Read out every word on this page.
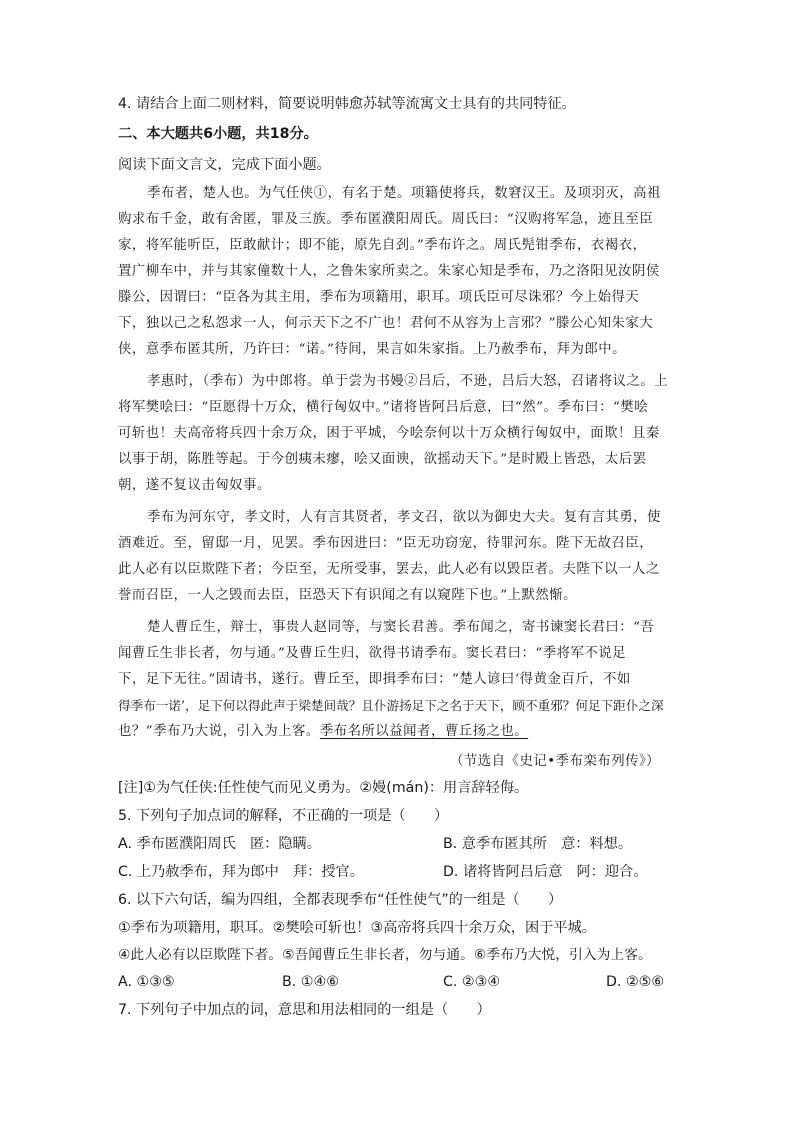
4. 请结合上面二则材料，简要说明韩愈苏轼等流寓文士具有的共同特征。
二、本大题共6小题，共18分。
阅读下面文言文，完成下面小题。
季布者，楚人也。为气任侠①，有名于楚。项籍使将兵，数窘汉王。及项羽灭，高祖
购求布千金，敢有舍匿，罪及三族。季布匿濮阳周氏。周氏曰：“汉购将军急，迹且至臣
家，将军能听臣，臣敢献计；即不能，原先自刭。”季布许之。周氏髡钳季布，衣褐衣，
置广柳车中，并与其家僮数十人，之鲁朱家所卖之。朱家心知是季布，乃之洛阳见汝阴侯
滕公，因谓曰：“臣各为其主用，季布为项籍用，职耳。项氏臣可尽诛邪？今上始得天
下，独以己之私怨求一人，何示天下之不广也！君何不从容为上言邪？”滕公心知朱家大
侠，意季布匿其所，乃许曰：“诺。”待间，果言如朱家指。上乃赦季布，拜为郎中。
孝惠时，（季布）为中郎将。单于尝为书嫚②吕后，不逊，吕后大怒，召诸将议之。上
将军樊哙曰：“臣愿得十万众，横行匈奴中。”诸将皆阿吕后意，曰“然”。季布曰：“樊哙
可斩也！夫高帝将兵四十余万众，困于平城，今哙奈何以十万众横行匈奴中，面欺！且秦
以事于胡，陈胜等起。于今创痍未瘳，哙又面谀，欲摇动天下。”是时殿上皆恐，太后罢
朝，遂不复议击匈奴事。
季布为河东守，孝文时，人有言其贤者，孝文召，欲以为御史大夫。复有言其勇，使
酒难近。至，留邸一月，见罢。季布因进曰：“臣无功窃宠，待罪河东。陛下无故召臣，
此人必有以臣欺陛下者；今臣至，无所受事，罢去，此人必有以毁臣者。夫陛下以一人之
誉而召臣，一人之毁而去臣，臣恐天下有识闻之有以窥陛下也。”上默然惭。
楚人曹丘生，辩士，事贵人赵同等，与窦长君善。季布闻之，寄书谏窦长君曰：“吾
闻曹丘生非长者，勿与通。”及曹丘生归，欲得书请季布。窦长君曰：“季将军不说足
下，足下无往。”固请书，遂行。曹丘至，即揖季布曰：“楚人谚曰‘得黄金百斤，不如
得季布一诺’，足下何以得此声于梁楚间哉？且仆游扬足下之名于天下，顾不重邪？何足下距仆之深
也？”季布乃大说，引入为上客。季布名所以益闻者，曹丘扬之也。
（节选自《史记•季布栾布列传》）
[注]①为气任侠:任性使气而见义勇为。②嫚(mán)：用言辞轻侮。
5. 下列句子加点词的解释，不正确的一项是（　　）
A. 季布匿濮阳周氏　匿：隐瞒。	B. 意季布匿其所　意：料想。
C. 上乃赦季布，拜为郎中　拜：授官。	D. 诸将皆阿吕后意　阿：迎合。
6. 以下六句话，编为四组，全都表现季布“任性使气”的一组是（　　）
①季布为项籍用，职耳。②樊哙可斩也！③高帝将兵四十余万众，困于平城。
④此人必有以臣欺陛下者。⑤吾闻曹丘生非长者，勿与通。⑥季布乃大悦，引入为上客。
A. ①③⑤	B. ①④⑥	C. ②③④	D. ②⑤⑥
7. 下列句子中加点的词，意思和用法相同的一组是（　　）
